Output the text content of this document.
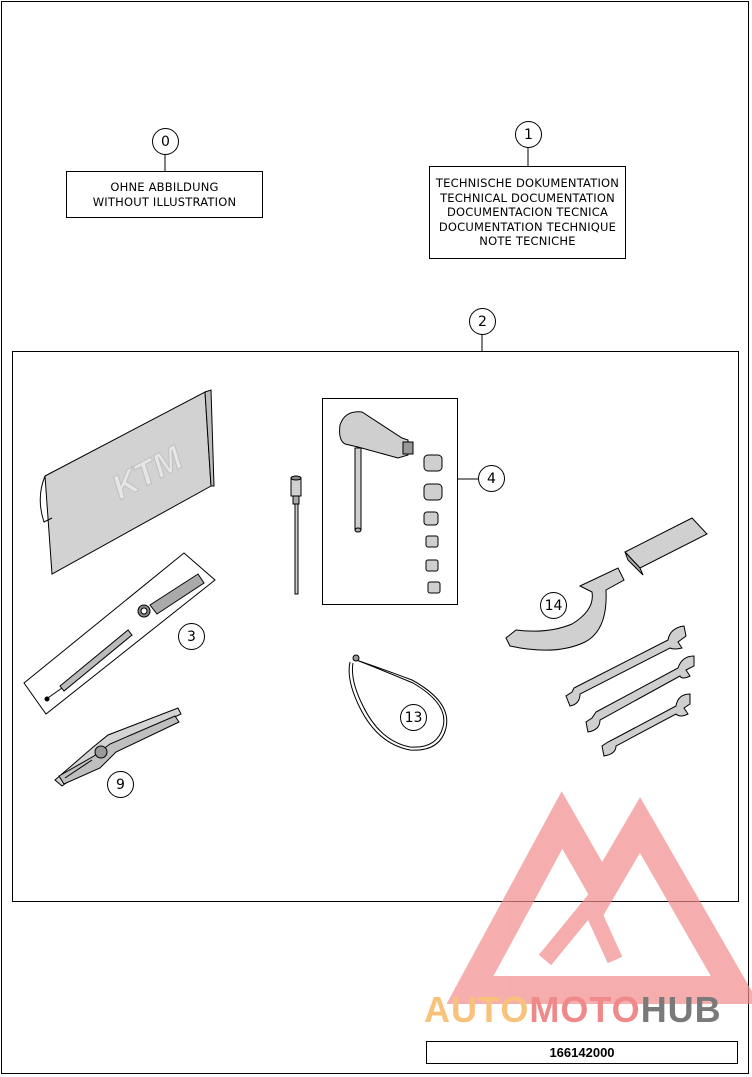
KTM
0
OHNE ABBILDUNG
WITHOUT ILLUSTRATION
1
TECHNISCHE DOKUMENTATION
TECHNICAL DOCUMENTATION
DOCUMENTACION TECNICA
DOCUMENTATION TECHNIQUE
NOTE TECNICHE
2
3
4
9
13
14
AUTOMOTOHUB
166142000
